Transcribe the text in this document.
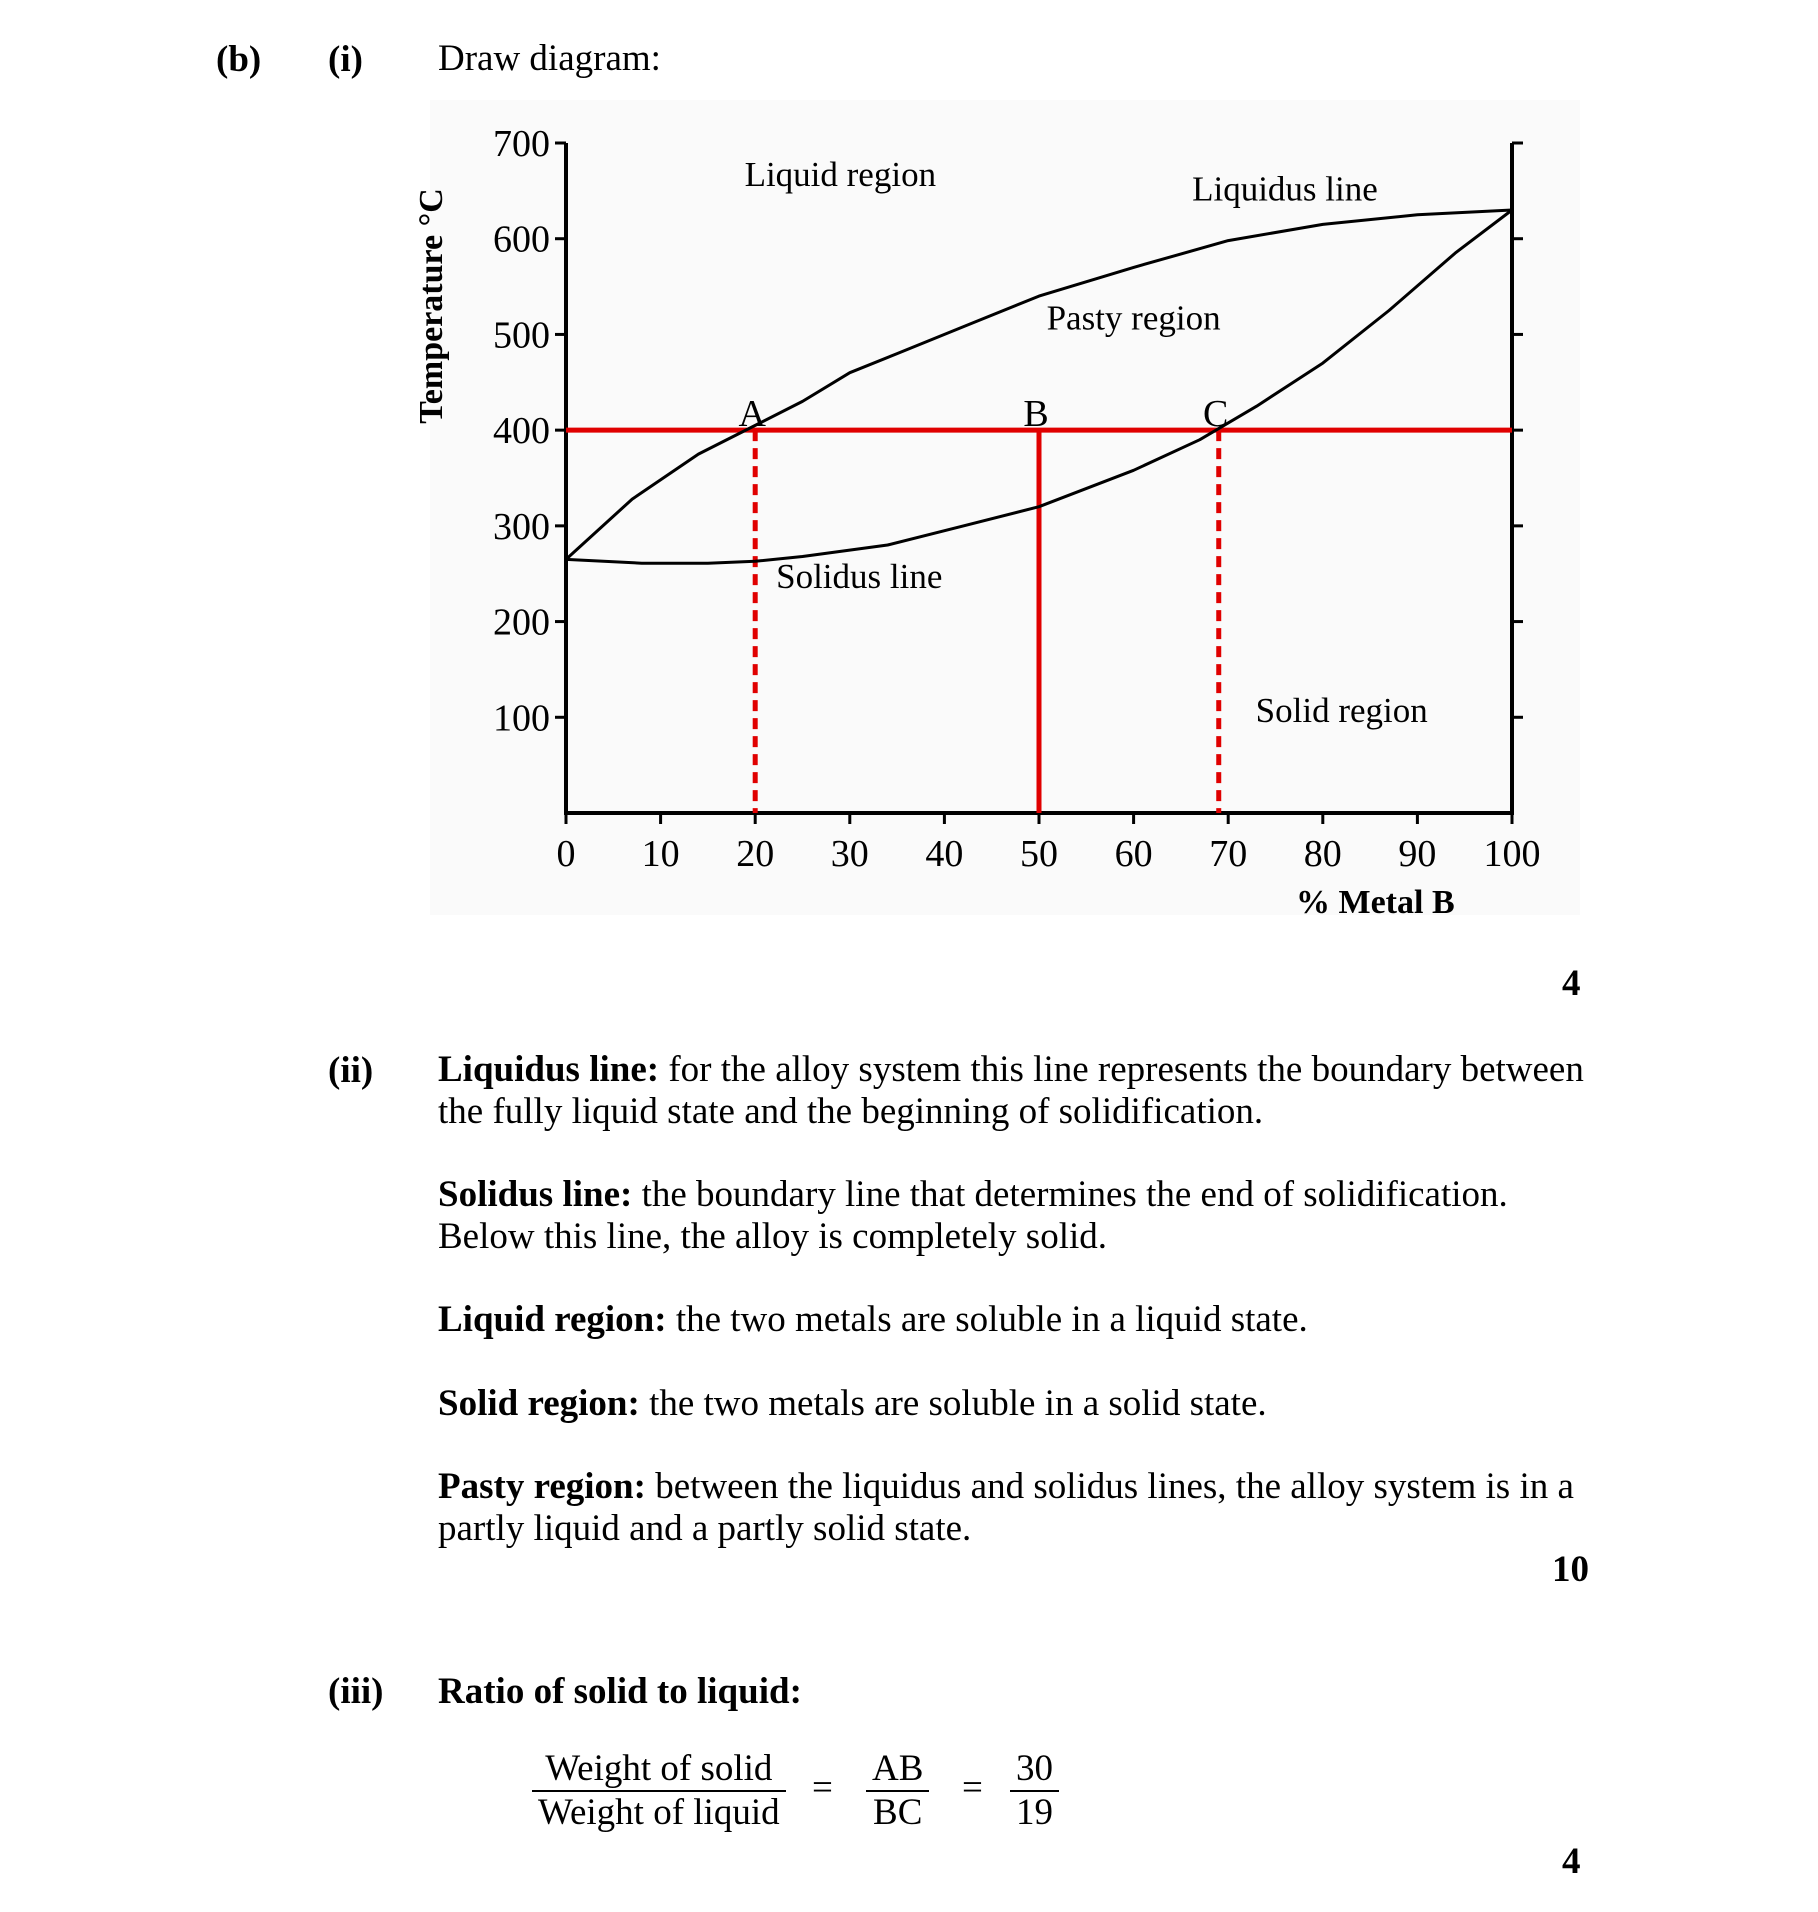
(b) (i) Draw diagram:
100
200
300
400
500
600
700
0 10 20 30 40 50 60 70 80 90 100
% Metal B
Temperature °C	A	B	C
Liquid region	Liquidus line
Pasty region
Solidus line
Solid region
4
(ii) Liquidus line: for the alloy system this line represents the boundary between the fully liquid state and the beginning of solidification.
Solidus line: the boundary line that determines the end of solidification. Below this line, the alloy is completely solid.
Liquid region: the two metals are soluble in a liquid state.
Solid region: the two metals are soluble in a solid state.
Pasty region: between the liquidus and solidus lines, the alloy system is in a partly liquid and a partly solid state.
10
(iii) Ratio of solid to liquid:
Weight of solid
Weight of liquid
= $\frac{AB}{BC} = \frac{30}{19}$
4
